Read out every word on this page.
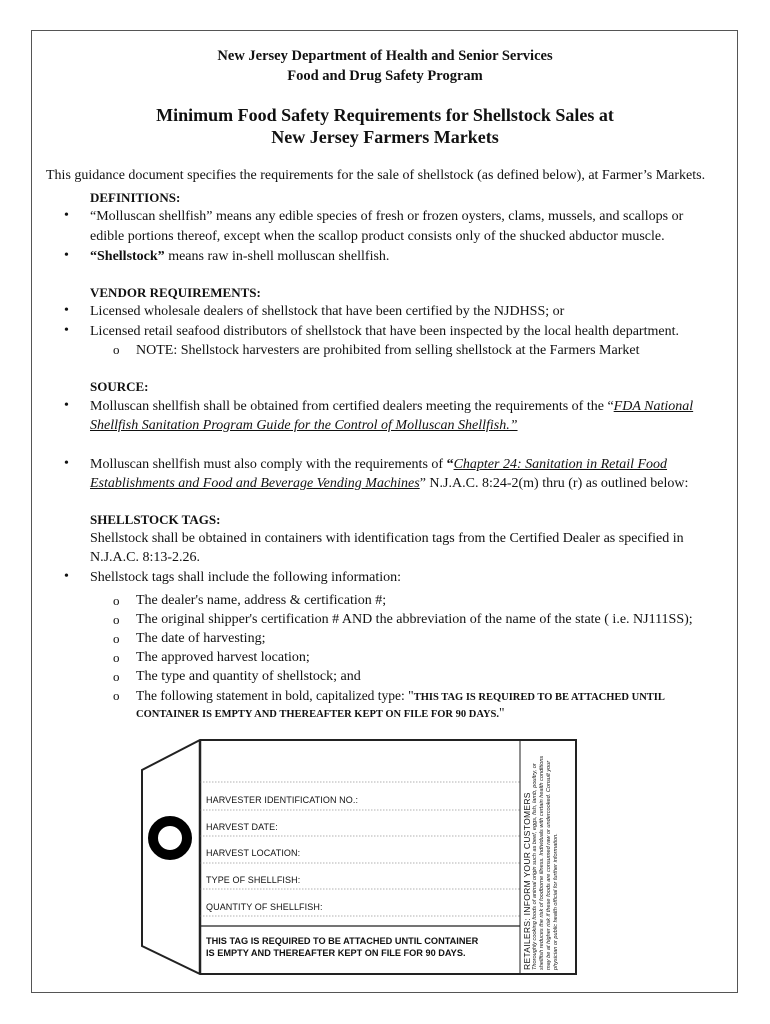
New Jersey Department of Health and Senior Services
Food and Drug Safety Program
Minimum Food Safety Requirements for Shellstock Sales at
New Jersey Farmers Markets
This guidance document specifies the requirements for the sale of shellstock (as defined below), at Farmer’s Markets.
DEFINITIONS:
• “Molluscan shellfish” means any edible species of fresh or frozen oysters, clams, mussels, and scallops or
edible portions thereof, except when the scallop product consists only of the shucked abductor muscle.
• “Shellstock” means raw in-shell molluscan shellfish.
VENDOR REQUIREMENTS:
• Licensed wholesale dealers of shellstock that have been certified by the NJDHSS; or
• Licensed retail seafood distributors of shellstock that have been inspected by the local health department.
o NOTE: Shellstock harvesters are prohibited from selling shellstock at the Farmers Market
SOURCE:
• Molluscan shellfish shall be obtained from certified dealers meeting the requirements of the “FDA National
Shellfish Sanitation Program Guide for the Control of Molluscan Shellfish.”
• Molluscan shellfish must also comply with the requirements of “Chapter 24: Sanitation in Retail Food
Establishments and Food and Beverage Vending Machines” N.J.A.C. 8:24-2(m) thru (r) as outlined below:
SHELLSTOCK TAGS:
Shellstock shall be obtained in containers with identification tags from the Certified Dealer as specified in
N.J.A.C. 8:13-2.26.
• Shellstock tags shall include the following information:
o The dealer's name, address & certification #;
o The original shipper's certification # AND the abbreviation of the name of the state ( i.e. NJ111SS);
o The date of harvesting;
o The approved harvest location;
o The type and quantity of shellstock; and
o The following statement in bold, capitalized type: "THIS TAG IS REQUIRED TO BE ATTACHED UNTIL
CONTAINER IS EMPTY AND THEREAFTER KEPT ON FILE FOR 90 DAYS."
HARVESTER IDENTIFICATION NO.:
HARVEST DATE:
HARVEST LOCATION:
TYPE OF SHELLFISH:
QUANTITY OF SHELLFISH:
THIS TAG IS REQUIRED TO BE ATTACHED UNTIL CONTAINER
IS EMPTY AND THEREAFTER KEPT ON FILE FOR 90 DAYS.	RETAILERS: INFORM YOUR CUSTOMERS Thoroughly cooking foods of animal origin such as beef, eggs, fish, lamb, poultry, or shellfish reduces the risk of foodborne illness. Individuals with certain health conditions may be at higher risk if these foods are consumed raw or undercooked. Consult your physician or public health official for further information.
